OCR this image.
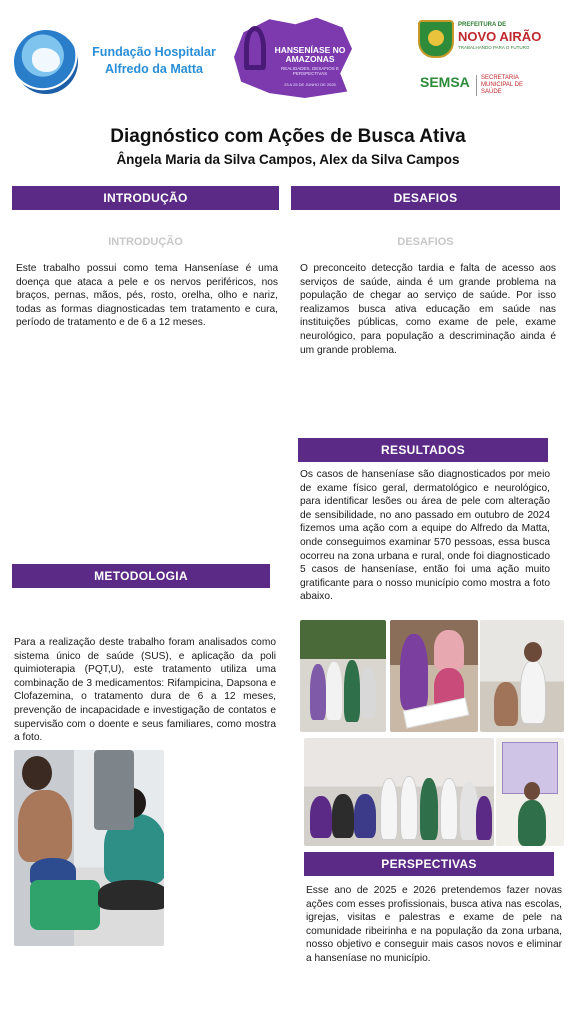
Fundação Hospitalar Alfredo da Matta
HANSENÍASE NO AMAZONAS
REALIDADES, DESAFIOS E PERSPECTIVAS
23 A 25 DE JUNHO DE 2025
PREFEITURA DE
NOVO AIRÃO
TRABALHANDO PARA O FUTURO
SEMSA	SECRETARIA MUNICIPAL DE SAÚDE
Diagnóstico com Ações de Busca Ativa
Ângela Maria da Silva Campos, Alex da Silva Campos
INTRODUÇÃO
INTRODUÇÃO
Este trabalho possui como tema Hanseníase é uma doença que ataca a pele e os nervos periféricos, nos braços, pernas, mãos, pés, rosto, orelha, olho e nariz, todas as formas diagnosticadas tem tratamento e cura, período de tratamento e de 6 a 12 meses.
DESAFIOS
DESAFIOS
O preconceito detecção tardia e falta de acesso aos serviços de saúde, ainda é um grande problema na população de chegar ao serviço de saúde. Por isso realizamos busca ativa educação em saúde nas instituições públicas, como exame de pele, exame neurológico, para população a descriminação ainda é um grande problema.
RESULTADOS
Os casos de hanseníase são diagnosticados por meio de exame físico geral, dermatológico e neurológico, para identificar lesões ou área de pele com alteração de sensibilidade, no ano passado em outubro de 2024 fizemos uma ação com a equipe do Alfredo da Matta, onde conseguimos examinar 570 pessoas, essa busca ocorreu na zona urbana e rural, onde foi diagnosticado 5 casos de hanseníase, então foi uma ação muito gratificante para o nosso município como mostra a foto abaixo.
METODOLOGIA
Para a realização deste trabalho foram analisados como sistema único de saúde (SUS), e aplicação da poli quimioterapia (PQT,U), este tratamento utiliza uma combinação de 3 medicamentos: Rifampicina, Dapsona e Clofazemina, o tratamento dura de 6 a 12 meses, prevenção de incapacidade e investigação de contatos e supervisão com o doente e seus familiares, como mostra a foto.
PERSPECTIVAS
Esse ano de 2025 e 2026 pretendemos fazer novas ações com esses profissionais, busca ativa nas escolas, igrejas, visitas e palestras e exame de pele na comunidade ribeirinha e na população da zona urbana, nosso objetivo e conseguir mais casos novos e eliminar a hanseníase no município.
